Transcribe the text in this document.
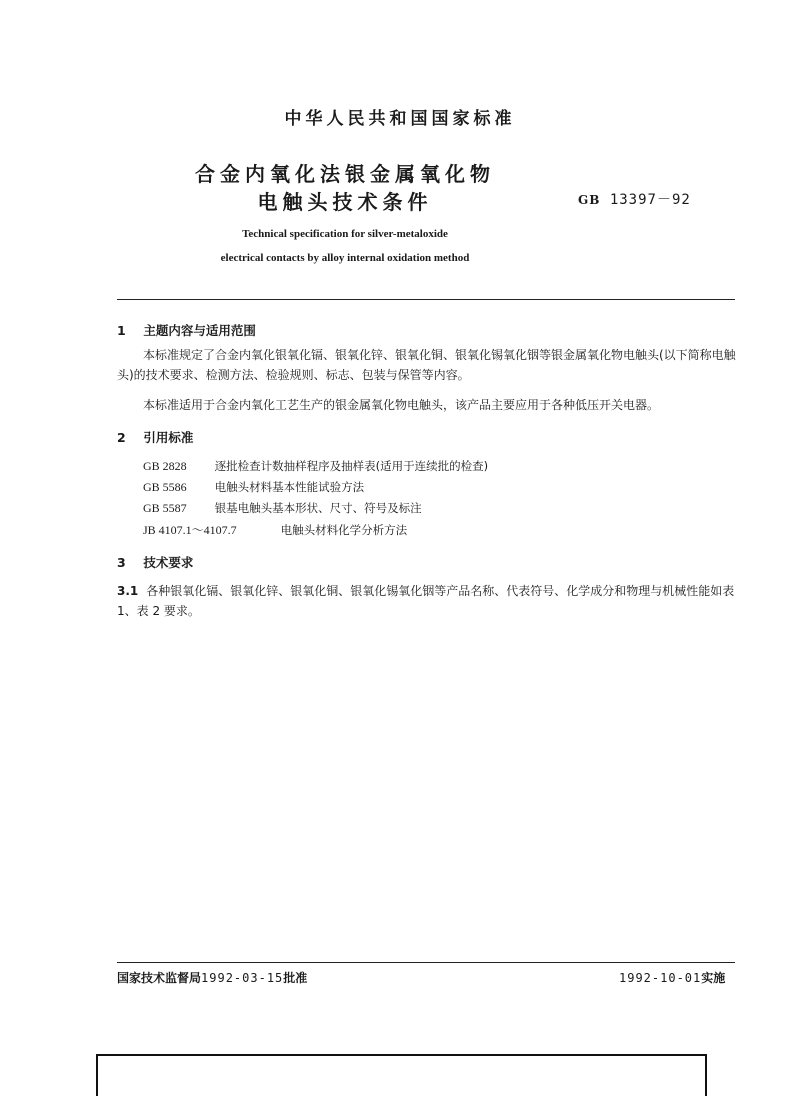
中华人民共和国国家标准
合金内氧化法银金属氧化物
电触头技术条件	GB 13397－92
Technical specification for silver-metaloxide
electrical contacts by alloy internal oxidation method
1 主题内容与适用范围
本标准规定了合金内氧化银氧化镉、银氧化锌、银氧化铜、银氧化锡氧化铟等银金属氧化物电触头(以下简称电触头)的技术要求、检测方法、检验规则、标志、包装与保管等内容。
本标准适用于合金内氧化工艺生产的银金属氧化物电触头，该产品主要应用于各种低压开关电器。
2 引用标准
GB 2828 逐批检查计数抽样程序及抽样表(适用于连续批的检查)
GB 5586 电触头材料基本性能试验方法
GB 5587 银基电触头基本形状、尺寸、符号及标注
JB 4107.1～4107.7	电触头材料化学分析方法
3 技术要求
3.1 各种银氧化镉、银氧化锌、银氧化铜、银氧化锡氧化铟等产品名称、代表符号、化学成分和物理与机械性能如表 1、表 2 要求。
国家技术监督局1992-03-15批准	1992-10-01实施
